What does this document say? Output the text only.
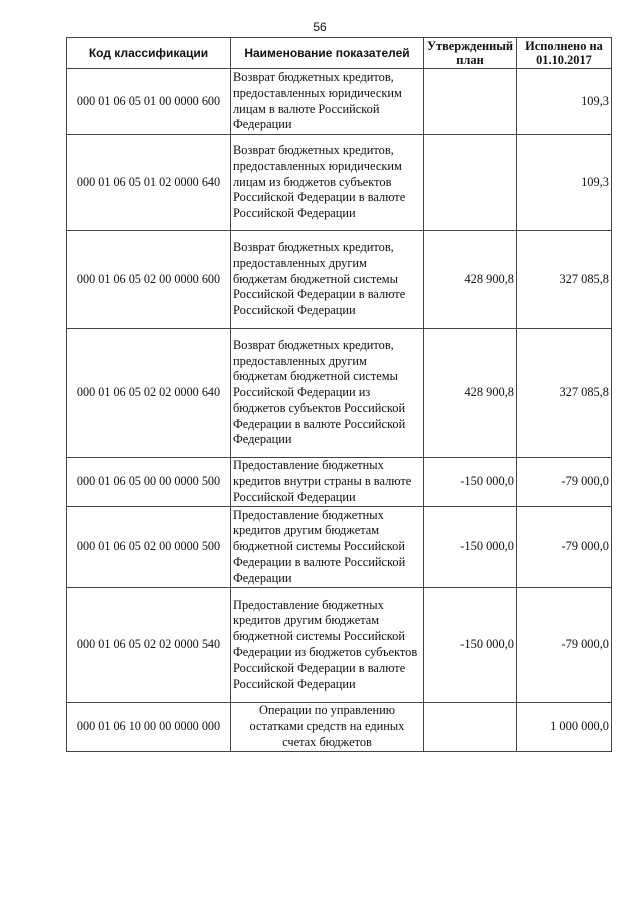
56
Код классификации	Наименование показателей	Утвержденный план	Исполнено на 01.10.2017
000 01 06 05 01 00 0000 600	Возврат бюджетных кредитов, предоставленных юридическим лицам в валюте Российской Федерации		109,3
000 01 06 05 01 02 0000 640	Возврат бюджетных кредитов, предоставленных юридическим лицам из бюджетов субъектов Российской Федерации в валюте Российской Федерации		109,3
000 01 06 05 02 00 0000 600	Возврат бюджетных кредитов, предоставленных другим бюджетам бюджетной системы Российской Федерации в валюте Российской Федерации	428 900,8	327 085,8
000 01 06 05 02 02 0000 640	Возврат бюджетных кредитов, предоставленных другим бюджетам бюджетной системы Российской Федерации из бюджетов субъектов Российской Федерации в валюте Российской Федерации	428 900,8	327 085,8
000 01 06 05 00 00 0000 500	Предоставление бюджетных кредитов внутри страны в валюте Российской Федерации	-150 000,0	-79 000,0
000 01 06 05 02 00 0000 500	Предоставление бюджетных кредитов другим бюджетам бюджетной системы Российской Федерации в валюте Российской Федерации	-150 000,0	-79 000,0
000 01 06 05 02 02 0000 540	Предоставление бюджетных кредитов другим бюджетам бюджетной системы Российской Федерации из бюджетов субъектов Российской Федерации в валюте Российской Федерации	-150 000,0	-79 000,0
000 01 06 10 00 00 0000 000	Операции по управлению остатками средств на единых счетах бюджетов		1 000 000,0
